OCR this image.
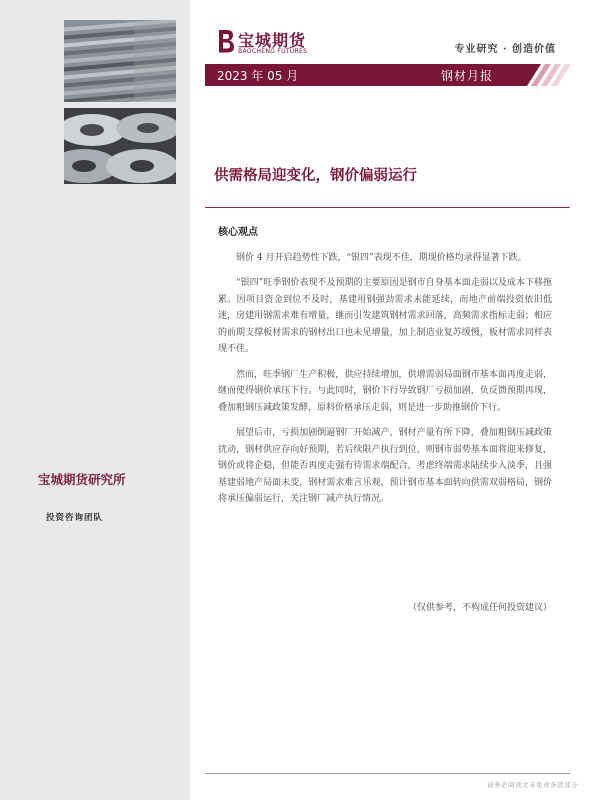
宝城期货研究所
投资咨询团队
宝城期货
BAOCHENG FUTURES	专业研究 · 创造价值
2023 年 05 月	钢材月报
供需格局迎变化，钢价偏弱运行
核心观点

钢价 4 月开启趋势性下跌，“银四”表现不佳，期现价格均录得显著下跌。

“银四”旺季钢价表现不及预期的主要原因是钢市自身基本面走弱以及成本下移拖累。因项目资金到位不及时，基建用钢强劲需求未能延续，而地产前端投资依旧低迷，房建用钢需求难有增量，继而引发建筑钢材需求回落，高频需求指标走弱；相应的前期支撑板材需求的钢材出口也未见增量，加上制造业复苏缓慢，板材需求同样表现不佳。

然而，旺季钢厂生产积极，供应持续增加，供增需弱局面钢市基本面再度走弱，继而使得钢价承压下行。与此同时，钢价下行导致钢厂亏损加剧，负反馈预期再现，叠加粗钢压减政策发酵，原料价格承压走弱，则是进一步助推钢价下行。

展望后市，亏损加剧倒逼钢厂开始减产，钢材产量有所下降，叠加粗钢压减政策扰动，钢材供应存向好预期，若后续限产执行到位，则钢市弱势基本面将迎来修复，钢价或将企稳，但能否再度走强有待需求端配合，考虑终端需求陆续步入淡季，且强基建弱地产局面未变，钢材需求难言乐观，预计钢市基本面转向供需双弱格局，钢价将承压偏弱运行，关注钢厂减产执行情况。

（仅供参考，不构成任何投资建议）
请务必阅读文末免责条款部分
